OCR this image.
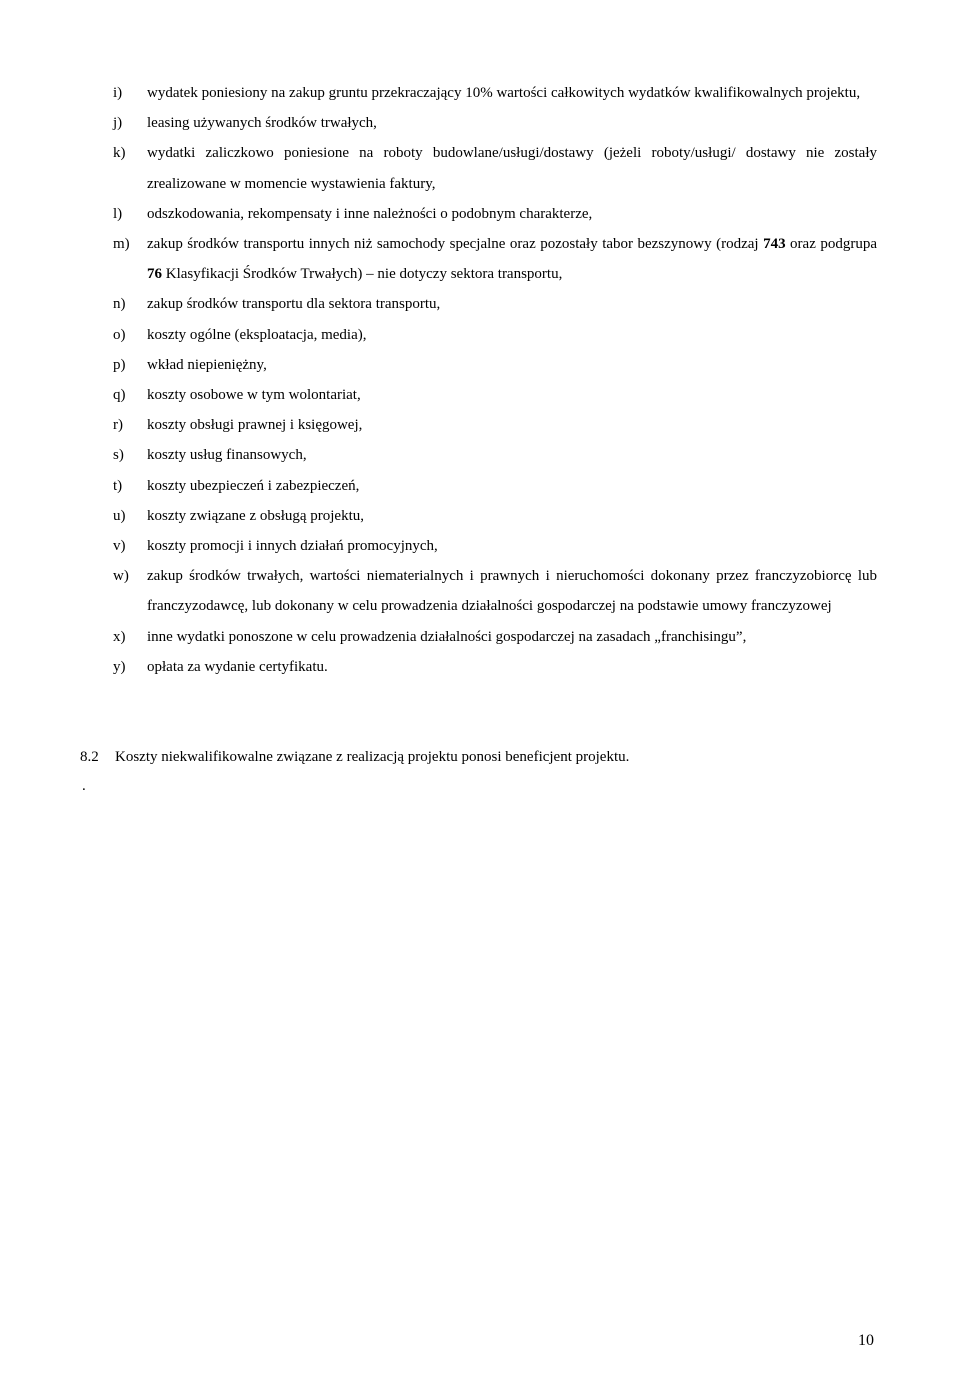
i) wydatek poniesiony na zakup gruntu przekraczający 10% wartości całkowitych wydatków kwalifikowalnych projektu,
j) leasing używanych środków trwałych,
k) wydatki zaliczkowo poniesione na roboty budowlane/usługi/dostawy (jeżeli roboty/usługi/ dostawy nie zostały zrealizowane w momencie wystawienia faktury,
l) odszkodowania, rekompensaty i inne należności o podobnym charakterze,
m) zakup środków transportu innych niż samochody specjalne oraz pozostały tabor bezszynowy (rodzaj 743 oraz podgrupa 76 Klasyfikacji Środków Trwałych) – nie dotyczy sektora transportu,
n) zakup środków transportu dla sektora transportu,
o) koszty ogólne (eksploatacja, media),
p) wkład niepieniężny,
q) koszty osobowe w tym wolontariat,
r) koszty obsługi prawnej i księgowej,
s) koszty usług finansowych,
t) koszty ubezpieczeń i zabezpieczeń,
u) koszty związane z obsługą projektu,
v) koszty promocji i innych działań promocyjnych,
w) zakup środków trwałych, wartości niematerialnych i prawnych i nieruchomości dokonany przez franczyzobiorcę lub franczyzodawcę, lub dokonany w celu prowadzenia działalności gospodarczej na podstawie umowy franczyzowej
x) inne wydatki ponoszone w celu prowadzenia działalności gospodarczej na zasadach „franchisingu”,
y) opłata za wydanie certyfikatu.
8.2 Koszty niekwalifikowalne związane z realizacją projektu ponosi beneficjent projektu.
.
10
